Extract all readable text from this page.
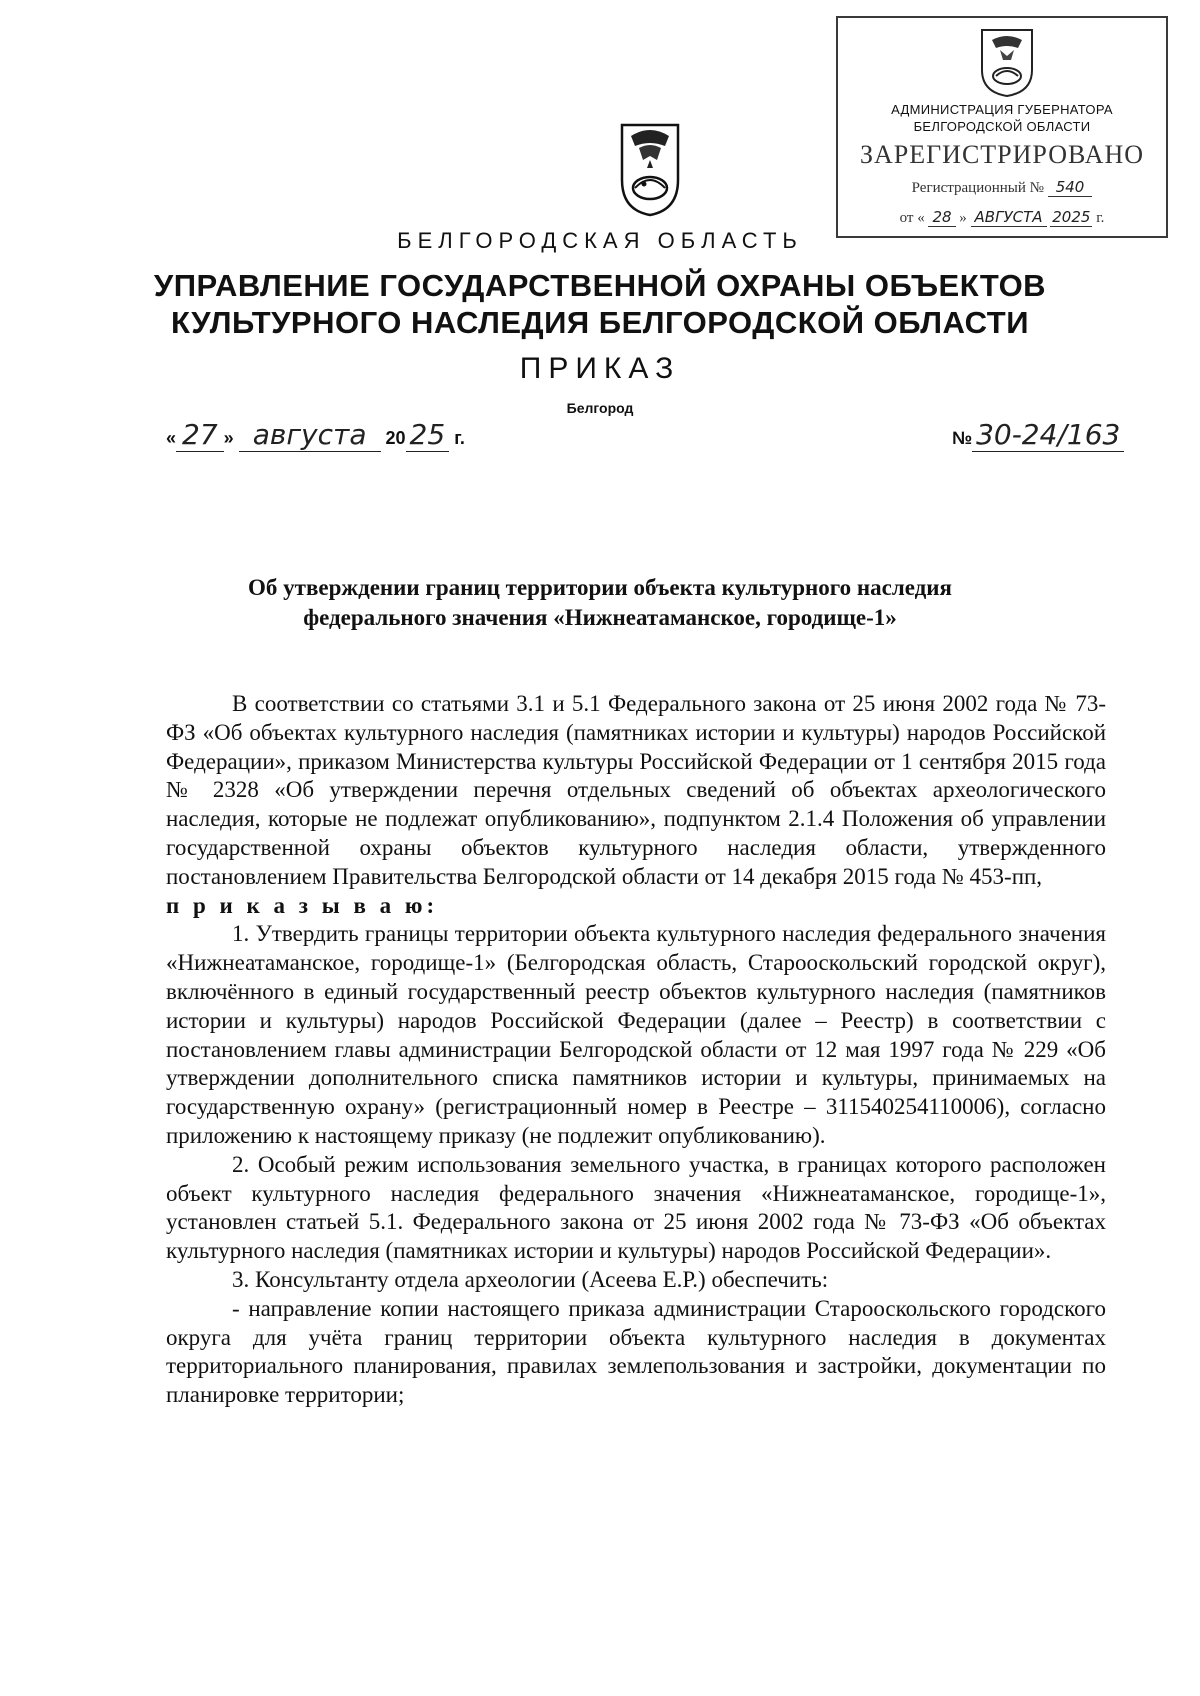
АДМИНИСТРАЦИЯ ГУБЕРНАТОРА
БЕЛГОРОДСКОЙ ОБЛАСТИ
ЗАРЕГИСТРИРОВАНО
Регистрационный № 540
от « 28 » АВГУСТА 2025 г.
БЕЛГОРОДСКАЯ ОБЛАСТЬ
УПРАВЛЕНИЕ ГОСУДАРСТВЕННОЙ ОХРАНЫ ОБЪЕКТОВ
КУЛЬТУРНОГО НАСЛЕДИЯ БЕЛГОРОДСКОЙ ОБЛАСТИ
ПРИКАЗ
Белгород
« 27 » августа 20 25 г.	№ 30-24/163
Об утверждении границ территории объекта культурного наследия
федерального значения «Нижнеатаманское, городище-1»

В соответствии со статьями 3.1 и 5.1 Федерального закона от 25 июня 2002 года № 73-ФЗ «Об объектах культурного наследия (памятниках истории и культуры) народов Российской Федерации», приказом Министерства культуры Российской Федерации от 1 сентября 2015 года № 2328 «Об утверждении перечня отдельных сведений об объектах археологического наследия, которые не подлежат опубликованию», подпунктом 2.1.4 Положения об управлении государственной охраны объектов культурного наследия области, утвержденного постановлением Правительства Белгородской области от 14 декабря 2015 года № 453-пп,

п р и к а з ы в а ю:

1. Утвердить границы территории объекта культурного наследия федерального значения «Нижнеатаманское, городище-1» (Белгородская область, Старооскольский городской округ), включённого в единый государственный реестр объектов культурного наследия (памятников истории и культуры) народов Российской Федерации (далее – Реестр) в соответствии с постановлением главы администрации Белгородской области от 12 мая 1997 года № 229 «Об утверждении дополнительного списка памятников истории и культуры, принимаемых на государственную охрану» (регистрационный номер в Реестре – 311540254110006), согласно приложению к настоящему приказу (не подлежит опубликованию).

2. Особый режим использования земельного участка, в границах которого расположен объект культурного наследия федерального значения «Нижнеатаманское, городище-1», установлен статьей 5.1. Федерального закона от 25 июня 2002 года № 73-ФЗ «Об объектах культурного наследия (памятниках истории и культуры) народов Российской Федерации».

3. Консультанту отдела археологии (Асеева Е.Р.) обеспечить:

- направление копии настоящего приказа администрации Старооскольского городского округа для учёта границ территории объекта культурного наследия в документах территориального планирования, правилах землепользования и застройки, документации по планировке территории;
